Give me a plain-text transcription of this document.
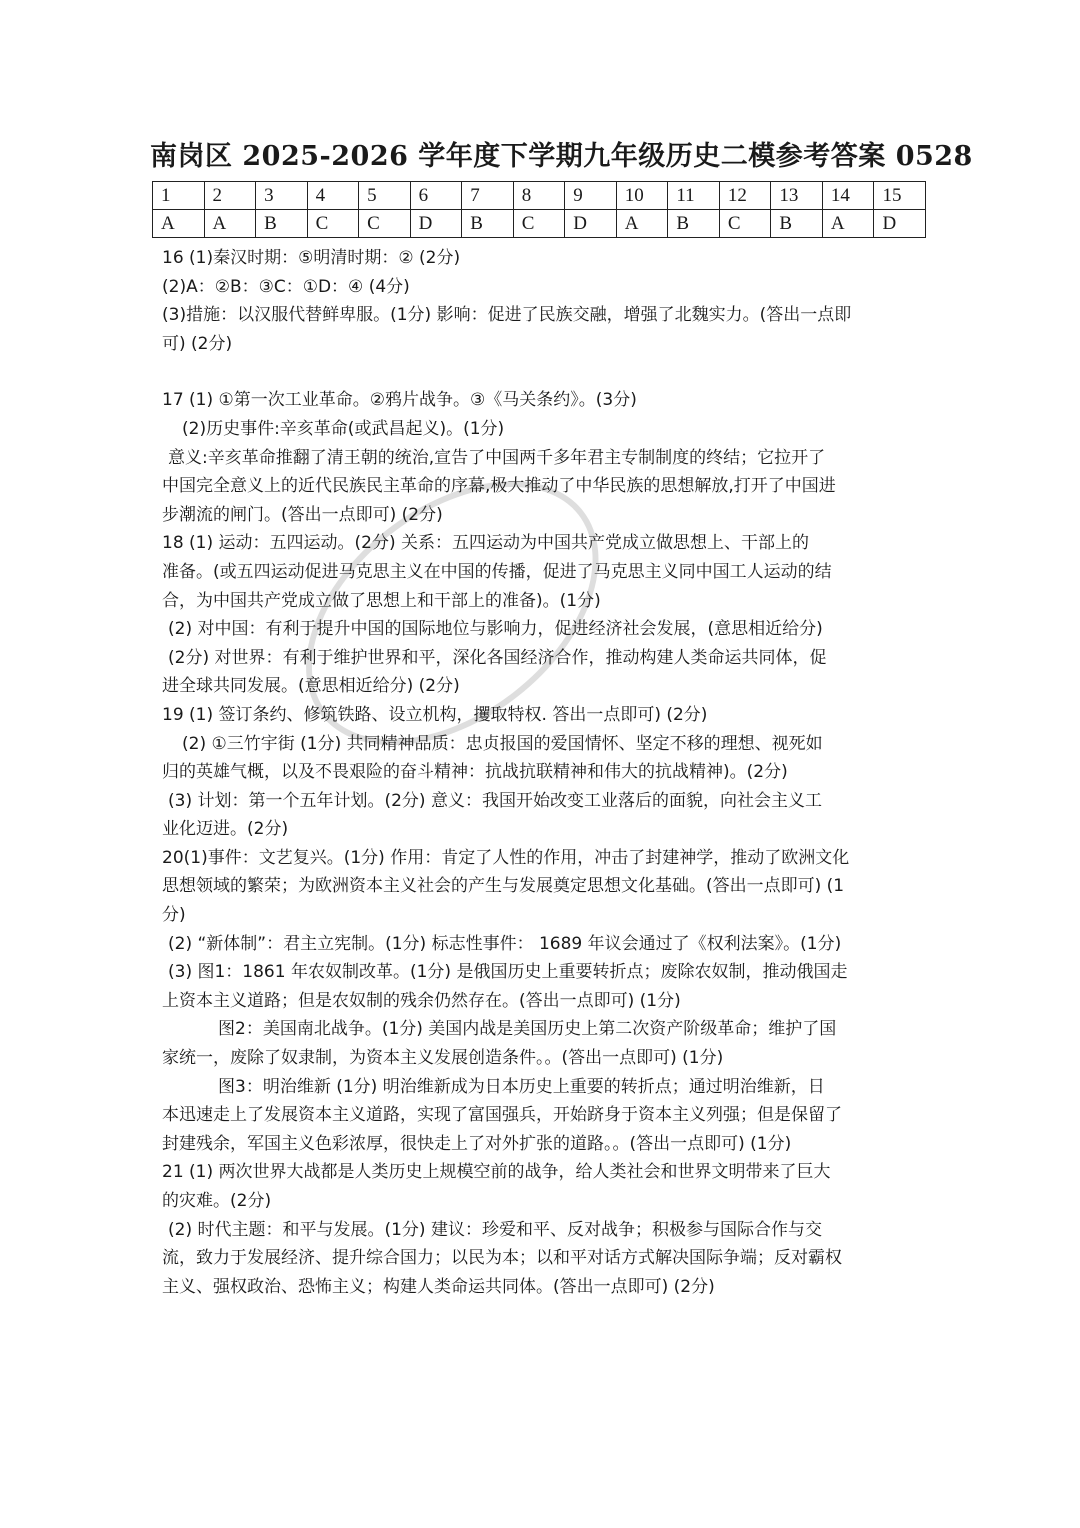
南岗区 2025-2026 学年度下学期九年级历史二模参考答案 0528
1	2	3	4	5	6	7	8	9	10	11	12	13	14	15
A	A	B	C	C	D	B	C	D	A	B	C	B	A	D
16 (1)秦汉时期：⑤明清时期：② (2分)
(2)A：②B：③C：①D：④ (4分)
(3)措施：以汉服代替鲜卑服。(1分) 影响：促进了民族交融，增强了北魏实力。(答出一点即
可) (2分)
17 (1) ①第一次工业革命。②鸦片战争。③《马关条约》。(3分)
(2)历史事件:辛亥革命(或武昌起义)。(1分)
意义:辛亥革命推翻了清王朝的统治,宣告了中国两千多年君主专制制度的终结；它拉开了
中国完全意义上的近代民族民主革命的序幕,极大推动了中华民族的思想解放,打开了中国进
步潮流的闸门。(答出一点即可) (2分)
18 (1) 运动：五四运动。(2分) 关系：五四运动为中国共产党成立做思想上、干部上的
准备。(或五四运动促进马克思主义在中国的传播，促进了马克思主义同中国工人运动的结
合，为中国共产党成立做了思想上和干部上的准备)。(1分)
(2) 对中国：有利于提升中国的国际地位与影响力，促进经济社会发展，(意思相近给分)
(2分) 对世界：有利于维护世界和平，深化各国经济合作，推动构建人类命运共同体，促
进全球共同发展。(意思相近给分) (2分)
19 (1) 签订条约、修筑铁路、设立机构，攫取特权. 答出一点即可) (2分)
(2) ①三竹宇街 (1分) 共同精神品质：忠贞报国的爱国情怀、坚定不移的理想、视死如
归的英雄气概，以及不畏艰险的奋斗精神：抗战抗联精神和伟大的抗战精神)。(2分)
(3) 计划：第一个五年计划。(2分) 意义：我国开始改变工业落后的面貌，向社会主义工
业化迈进。(2分)
20(1)事件：文艺复兴。(1分) 作用：肯定了人性的作用，冲击了封建神学，推动了欧洲文化
思想领域的繁荣；为欧洲资本主义社会的产生与发展奠定思想文化基础。(答出一点即可) (1
分)
(2) “新体制”：君主立宪制。(1分) 标志性事件： 1689 年议会通过了《权利法案》。(1分)
(3) 图1：1861 年农奴制改革。(1分) 是俄国历史上重要转折点；废除农奴制，推动俄国走
上资本主义道路；但是农奴制的残余仍然存在。(答出一点即可) (1分)
图2：美国南北战争。(1分) 美国内战是美国历史上第二次资产阶级革命；维护了国
家统一，废除了奴隶制，为资本主义发展创造条件。。(答出一点即可) (1分)
图3：明治维新 (1分) 明治维新成为日本历史上重要的转折点；通过明治维新，日
本迅速走上了发展资本主义道路，实现了富国强兵，开始跻身于资本主义列强；但是保留了
封建残余，军国主义色彩浓厚，很快走上了对外扩张的道路。。(答出一点即可) (1分)
21 (1) 两次世界大战都是人类历史上规模空前的战争，给人类社会和世界文明带来了巨大
的灾难。(2分)
(2) 时代主题：和平与发展。(1分) 建议：珍爱和平、反对战争；积极参与国际合作与交
流，致力于发展经济、提升综合国力；以民为本；以和平对话方式解决国际争端；反对霸权
主义、强权政治、恐怖主义；构建人类命运共同体。(答出一点即可) (2分)
